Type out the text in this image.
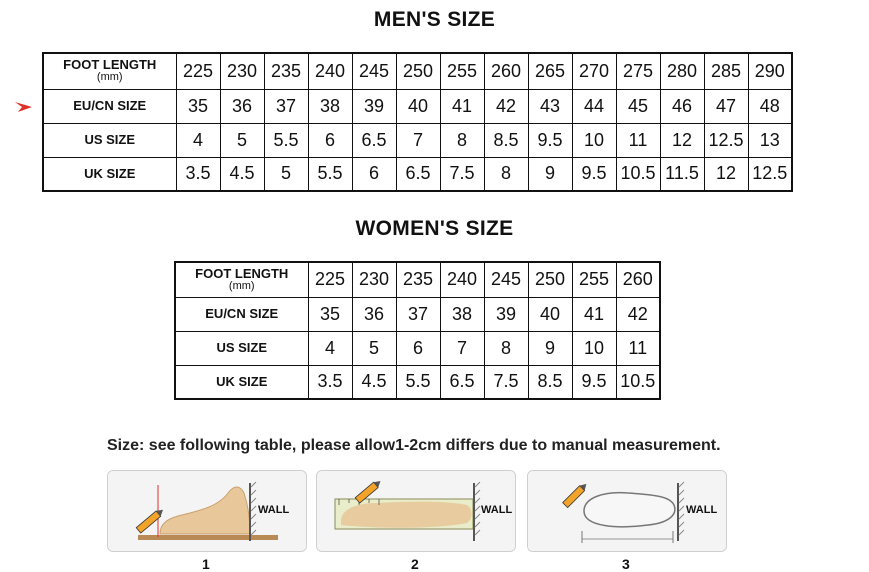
MEN'S SIZE
FOOT LENGTH
(mm)	225	230	235	240	245	250	255	260	265	270	275	280	285	290
EU/CN SIZE	35	36	37	38	39	40	41	42	43	44	45	46	47	48
US SIZE	4	5	5.5	6	6.5	7	8	8.5	9.5	10	11	12	12.5	13
UK SIZE	3.5	4.5	5	5.5	6	6.5	7.5	8	9	9.5	10.5	11.5	12	12.5
WOMEN'S SIZE
FOOT LENGTH
(mm)	225	230	235	240	245	250	255	260
EU/CN SIZE	35	36	37	38	39	40	41	42
US SIZE	4	5	6	7	8	9	10	11
UK SIZE	3.5	4.5	5.5	6.5	7.5	8.5	9.5	10.5
Size: see following table, please allow1-2cm differs due to manual measurement.
WALL	WALL	WALL
1	2	3
